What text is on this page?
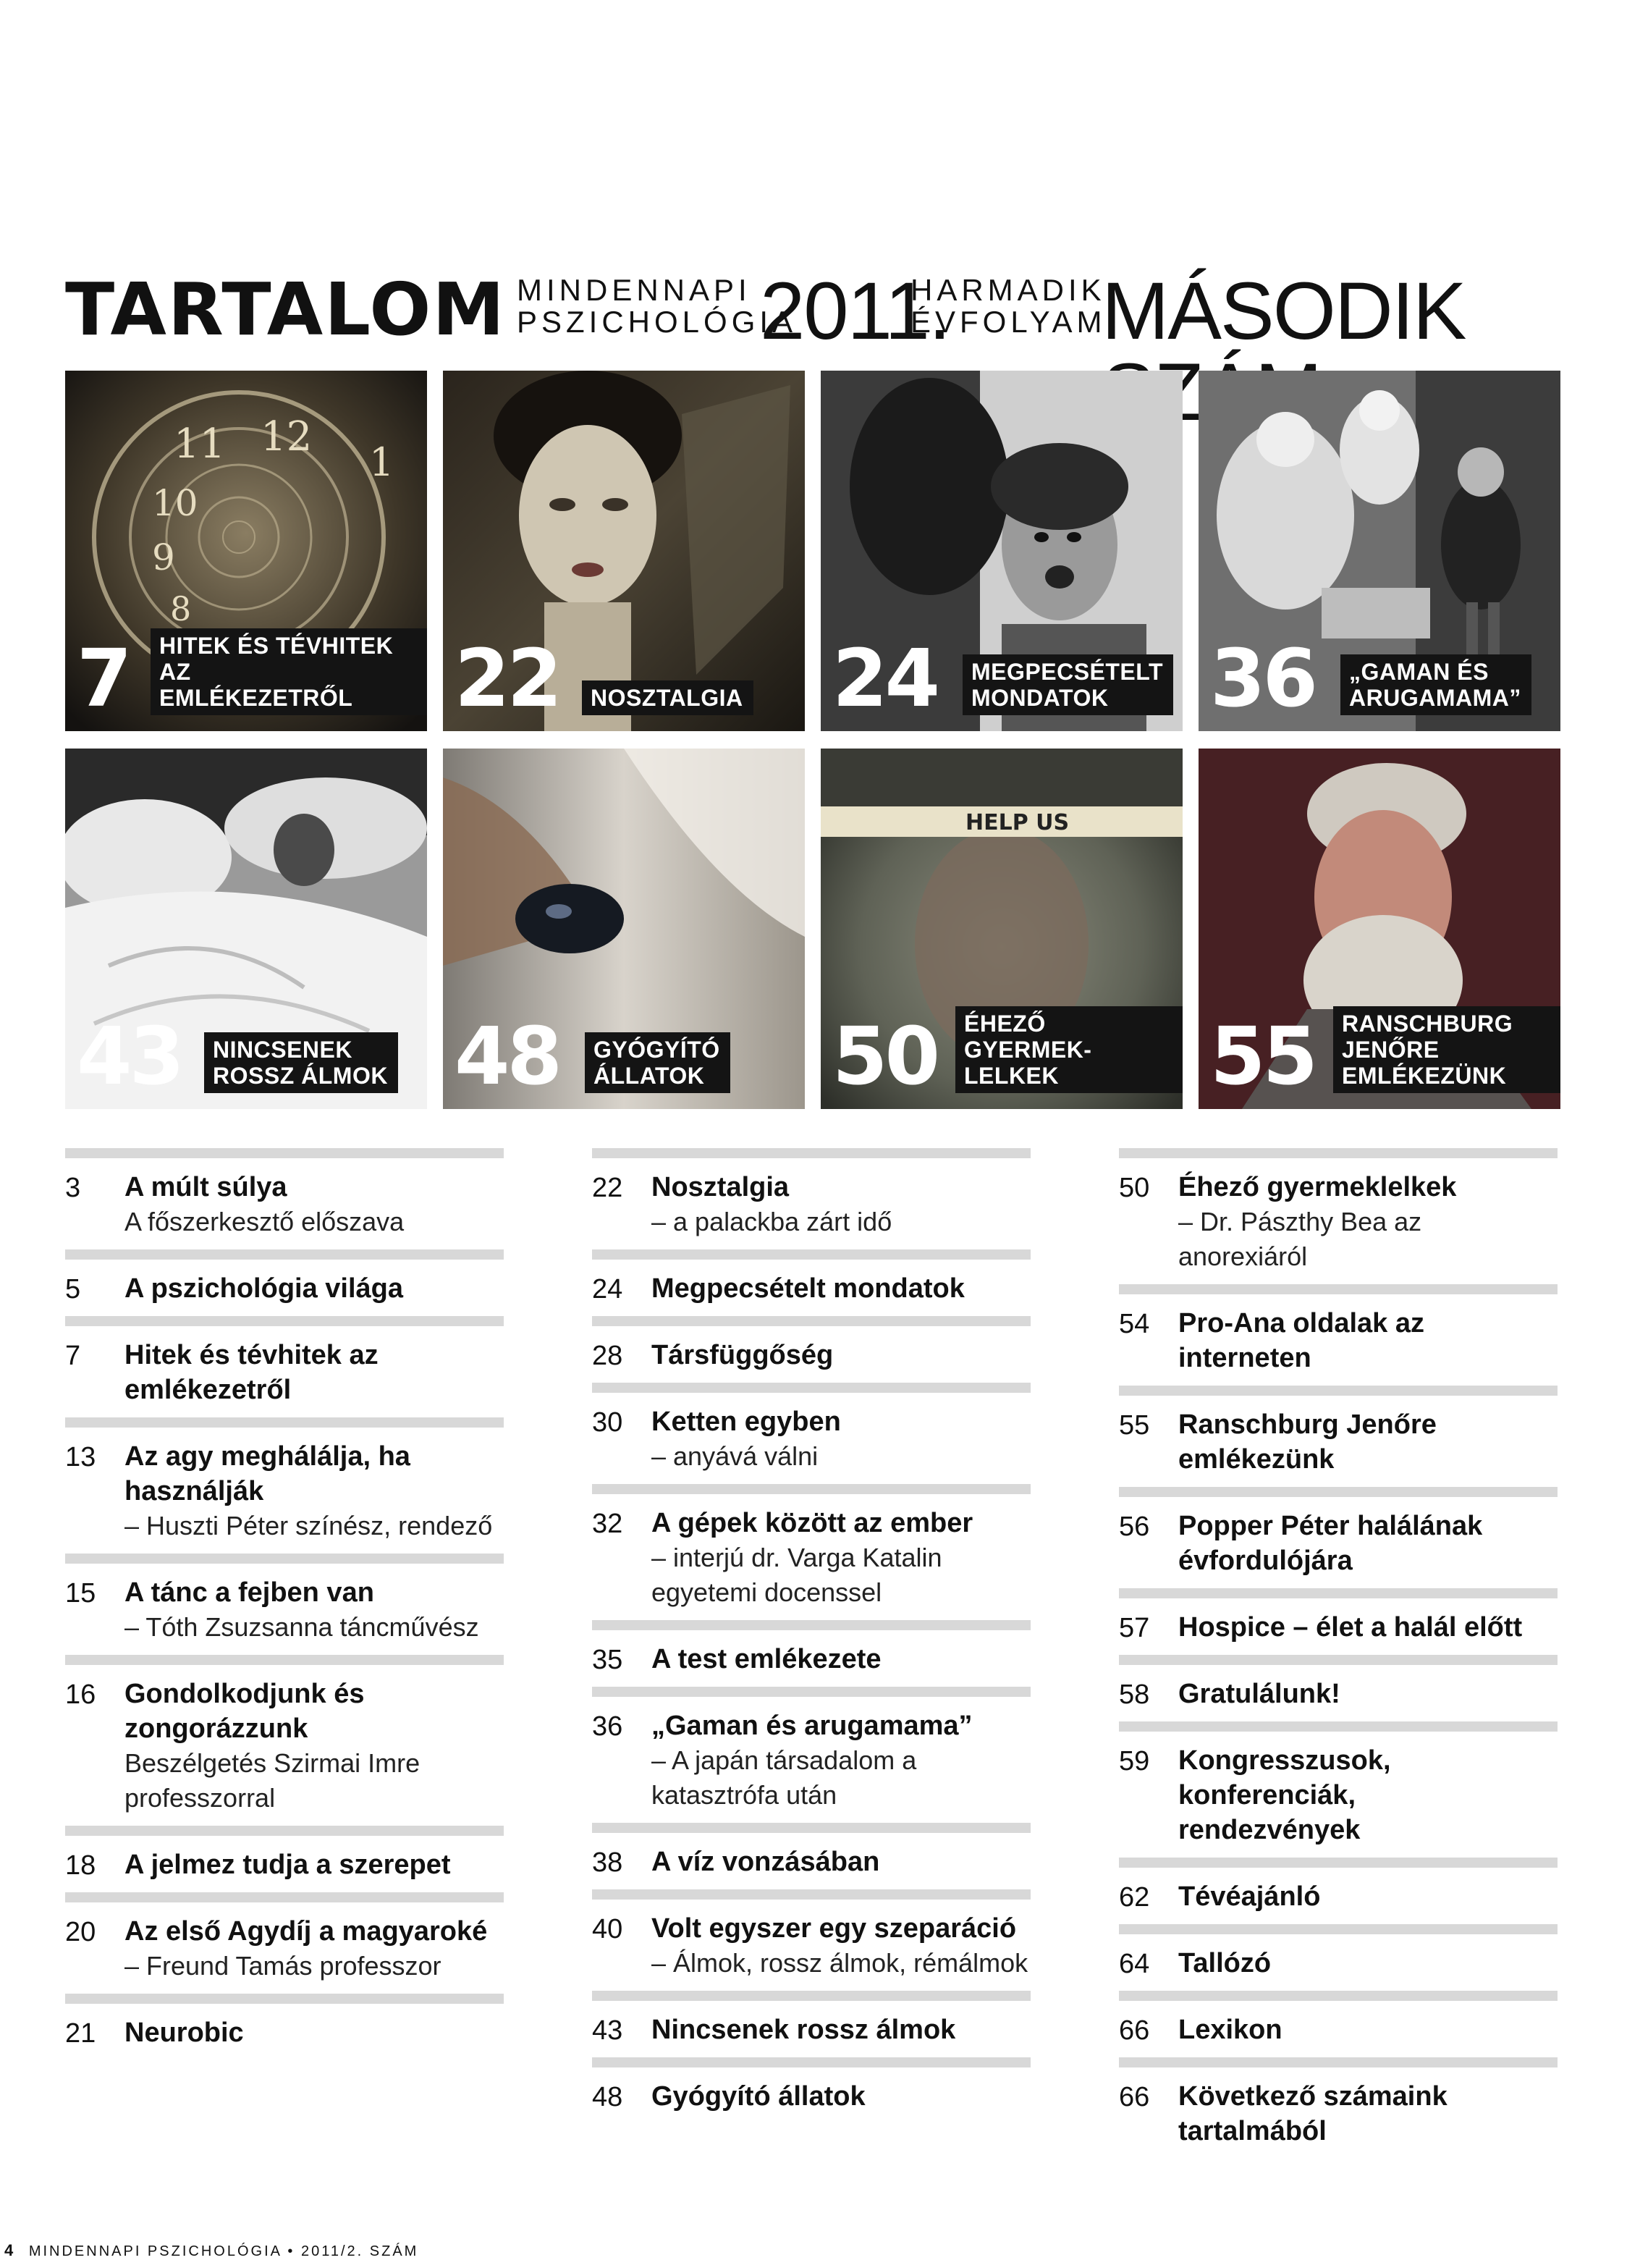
TARTALOM MINDENNAPI
PSZICHOLÓGIA
2011.
HARMADIK
ÉVFOLYAM
MÁSODIK
11 12
10
9
8
1
7	HITEK ÉS TÉVHITEK AZ
EMLÉKEZETRŐL	22	NOSZTALGIA 24	MEGPECSÉTELT
MONDATOK	36	„GAMAN ÉS
ARUGAMAMA”
43	NINCSENEK
ROSSZ ÁLMOK 48	GYÓGYÍTÓ
ÁLLATOK
HELP US
50	ÉHEZŐ GYERMEK-
LELKEK	55	RANSCHBURG JENŐRE
EMLÉKEZÜNK
3 A múlt súlya
A főszerkesztő előszava
5 A pszichológia világa
7 Hitek és tévhitek az emlékezetről
13 Az agy meghálálja, ha használják
– Huszti Péter színész, rendező
15 A tánc a fejben van
– Tóth Zsuzsanna táncművész
16 Gondolkodjunk és zongorázzunk
Beszélgetés Szirmai Imre professzorral
18 A jelmez tudja a szerepet
20 Az első Agydíj a magyaroké
– Freund Tamás professzor
21 Neurobic
22 Nosztalgia
– a palackba zárt idő
24 Megpecsételt mondatok
28 Társfüggőség
30 Ketten egyben
– anyává válni
32 A gépek között az ember
– interjú dr. Varga Katalin
egyetemi docenssel
35 A test emlékezete
36 „Gaman és arugamama”
– A japán társadalom a katasztrófa után
38 A víz vonzásában
40 Volt egyszer egy szeparáció
– Álmok, rossz álmok, rémálmok
43 Nincsenek rossz álmok
48 Gyógyító állatok
50 Éhező gyermeklelkek
– Dr. Pászthy Bea az anorexiáról
54 Pro-Ana oldalak az interneten
55 Ranschburg Jenőre emlékezünk
56 Popper Péter halálának
évfordulójára
57 Hospice – élet a halál előtt
58 Gratulálunk!
59 Kongresszusok, konferenciák,
rendezvények
62 Tévéajánló
64 Tallózó
66 Lexikon
66 Következő számaink tartalmából
4 MINDENNAPI PSZICHOLÓGIA • 2011/2. SZÁM
